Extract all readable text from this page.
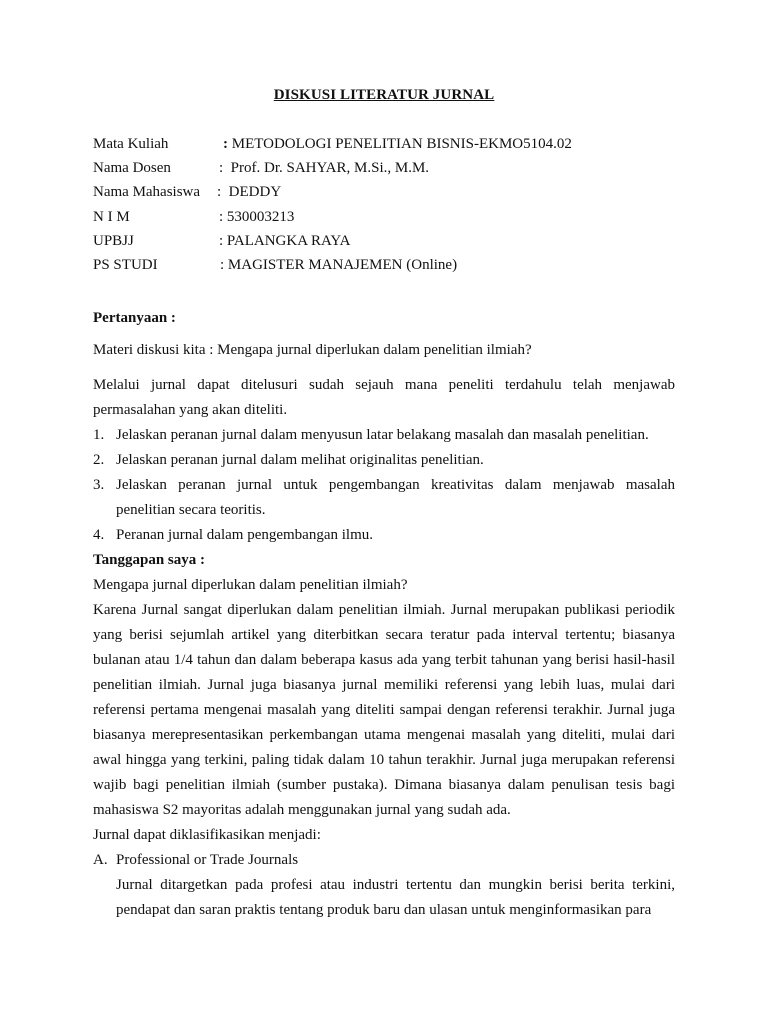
DISKUSI LITERATUR JURNAL
Mata Kuliah	: METODOLOGI PENELITIAN BISNIS-EKMO5104.02
Nama Dosen	: Prof. Dr. SAHYAR, M.Si., M.M.
Nama Mahasiswa : DEDDY
N I M	: 530003213
UPBJJ	: PALANGKA RAYA
PS STUDI	: MAGISTER MANAJEMEN (Online)
Pertanyaan :
Materi diskusi kita : Mengapa jurnal diperlukan dalam penelitian ilmiah?
Melalui jurnal dapat ditelusuri sudah sejauh mana peneliti terdahulu telah menjawab permasalahan yang akan diteliti.
1. Jelaskan peranan jurnal dalam menyusun latar belakang masalah dan masalah penelitian.
2. Jelaskan peranan jurnal dalam melihat originalitas penelitian.
3. Jelaskan peranan jurnal untuk pengembangan kreativitas dalam menjawab masalah penelitian secara teoritis.
4. Peranan jurnal dalam pengembangan ilmu.
Tanggapan saya :
Mengapa jurnal diperlukan dalam penelitian ilmiah?
Karena Jurnal sangat diperlukan dalam penelitian ilmiah. Jurnal merupakan publikasi periodik yang berisi sejumlah artikel yang diterbitkan secara teratur pada interval tertentu; biasanya bulanan atau 1/4 tahun dan dalam beberapa kasus ada yang terbit tahunan yang berisi hasil-hasil penelitian ilmiah. Jurnal juga biasanya jurnal memiliki referensi yang lebih luas, mulai dari referensi pertama mengenai masalah yang diteliti sampai dengan referensi terakhir. Jurnal juga biasanya merepresentasikan perkembangan utama mengenai masalah yang diteliti, mulai dari awal hingga yang terkini, paling tidak dalam 10 tahun terakhir. Jurnal juga merupakan referensi wajib bagi penelitian ilmiah (sumber pustaka). Dimana biasanya dalam penulisan tesis bagi mahasiswa S2 mayoritas adalah menggunakan jurnal yang sudah ada.
Jurnal dapat diklasifikasikan menjadi:
A. Professional or Trade Journals
Jurnal ditargetkan pada profesi atau industri tertentu dan mungkin berisi berita terkini, pendapat dan saran praktis tentang produk baru dan ulasan untuk menginformasikan para
